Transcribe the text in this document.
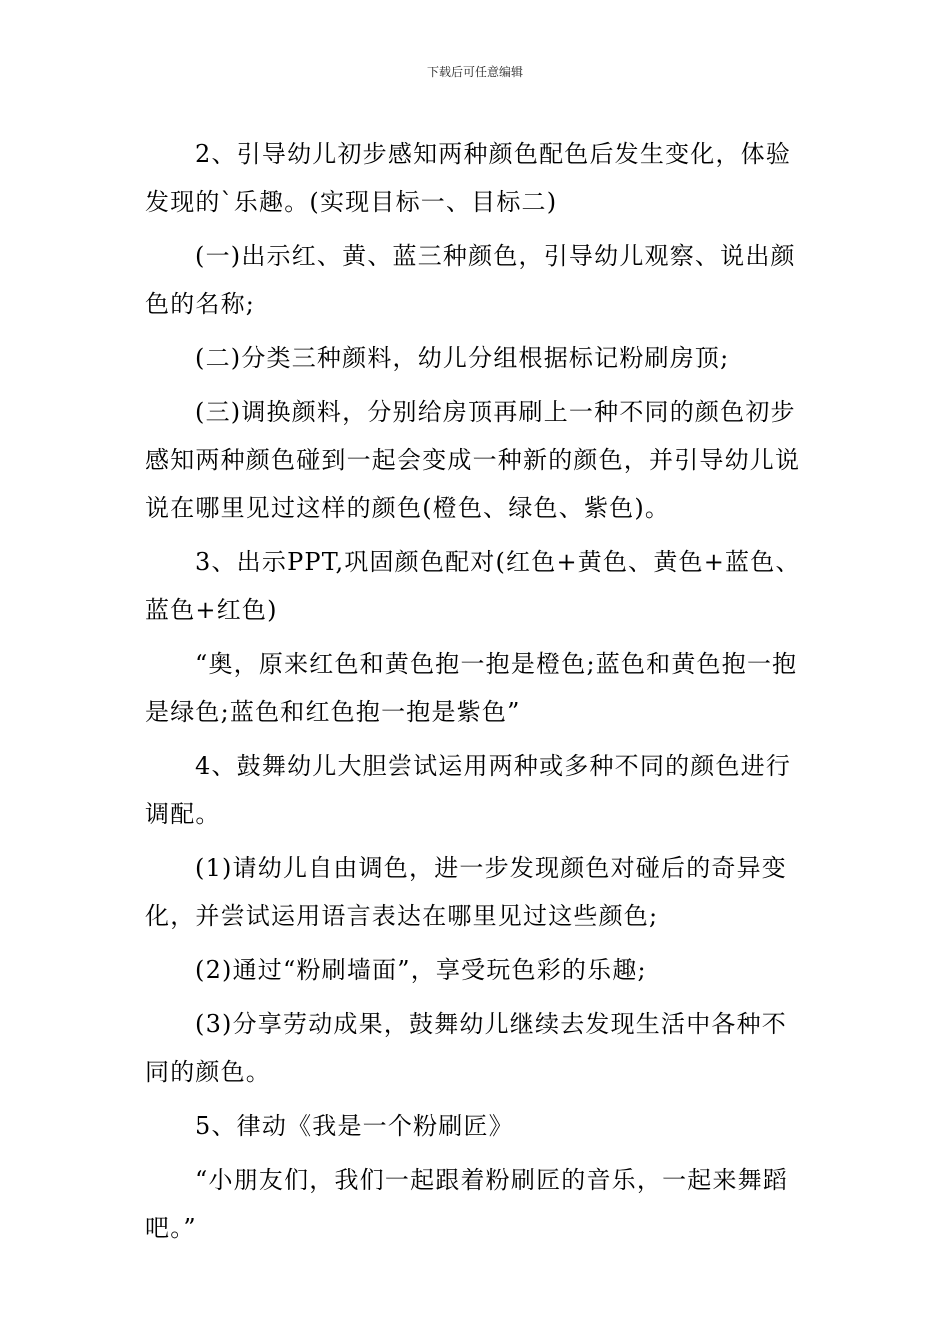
下载后可任意编辑

2、引导幼儿初步感知两种颜色配色后发生变化，体验发现的`乐趣。(实现目标一、目标二)

(一)出示红、黄、蓝三种颜色，引导幼儿观察、说出颜色的名称;

(二)分类三种颜料，幼儿分组根据标记粉刷房顶;

(三)调换颜料，分别给房顶再刷上一种不同的颜色初步感知两种颜色碰到一起会变成一种新的颜色，并引导幼儿说说在哪里见过这样的颜色(橙色、绿色、紫色)。

3、出示PPT,巩固颜色配对(红色+黄色、黄色+蓝色、蓝色+红色)

“奥，原来红色和黄色抱一抱是橙色;蓝色和黄色抱一抱是绿色;蓝色和红色抱一抱是紫色”

4、鼓舞幼儿大胆尝试运用两种或多种不同的颜色进行调配。

(1)请幼儿自由调色，进一步发现颜色对碰后的奇异变化，并尝试运用语言表达在哪里见过这些颜色;

(2)通过“粉刷墙面”，享受玩色彩的乐趣;

(3)分享劳动成果，鼓舞幼儿继续去发现生活中各种不同的颜色。

5、律动《我是一个粉刷匠》

“小朋友们，我们一起跟着粉刷匠的音乐，一起来舞蹈吧。”
